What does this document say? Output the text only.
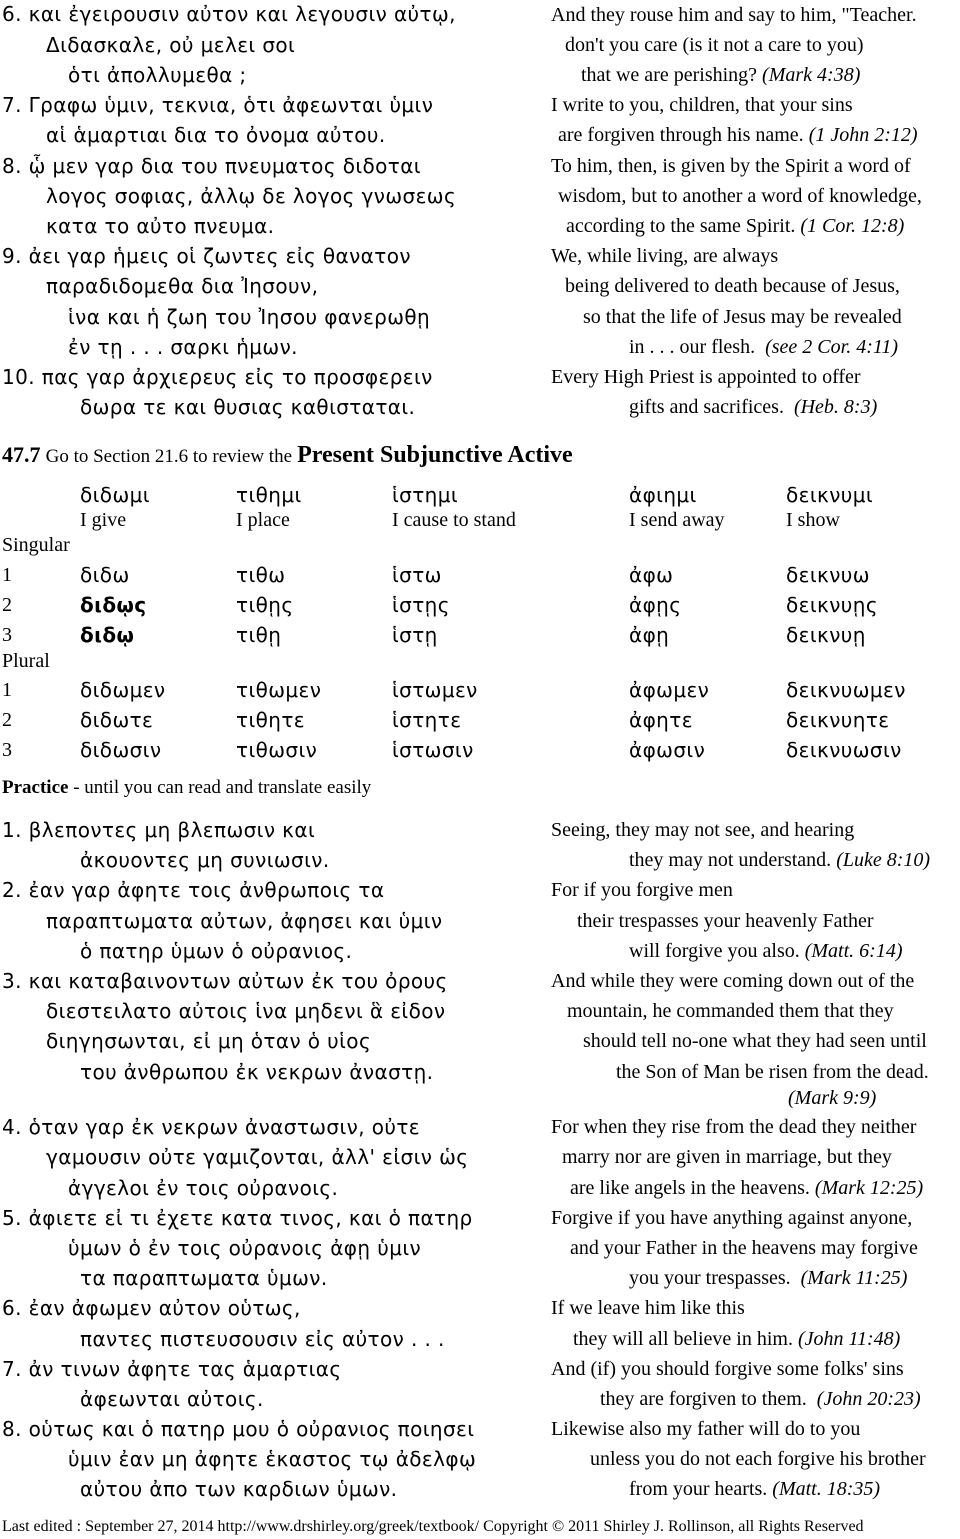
6. και ἐγειρουσιν αὐτον και λεγουσιν αὐτῳ,
Διδασκαλε, οὐ μελει σοι
ὁτι ἀπολλυμεθα ;
And they rouse him and say to him, "Teacher.
don't you care (is it not a care to you)
that we are perishing? (Mark 4:38)
7. Γραφω ὑμιν, τεκνια, ὁτι ἀφεωνται ὑμιν
αἱ ἁμαρτιαι δια το ὀνομα αὐτου.
I write to you, children, that your sins
are forgiven through his name. (1 John 2:12)
8. ᾧ μεν γαρ δια του πνευματος διδοται
λογος σοφιας, ἀλλῳ δε λογος γνωσεως
κατα το αὐτο πνευμα.
To him, then, is given by the Spirit a word of
wisdom, but to another a word of knowledge,
according to the same Spirit. (1 Cor. 12:8)
9. ἀει γαρ ἡμεις οἱ ζωντες εἰς θανατον
παραδιδομεθα δια Ἰησουν,
ἱνα και ἡ ζωη του Ἰησου φανερωθῃ
ἐν τῃ . . . σαρκι ἡμων.
We, while living, are always
being delivered to death because of Jesus,
so that the life of Jesus may be revealed
in . . . our flesh. (see 2 Cor. 4:11)
10. πας γαρ ἀρχιερευς εἰς το προσφερειν
δωρα τε και θυσιας καθισταται.
Every High Priest is appointed to offer
gifts and sacrifices. (Heb. 8:3)
47.7 Go to Section 21.6 to review the Present Subjunctive Active
διδωμι	τιθημι	ἱστημι	ἀφιημι	δεικνυμι
I give	I place	I cause to stand	I send away	I show
Singular
1	διδω	τιθω	ἱστω	ἀφω	δεικνυω
2	διδῳς	τιθῃς	ἱστῃς	ἀφῃς	δεικνυῃς
3	διδῳ	τιθῃ	ἱστῃ	ἀφῃ	δεικνυῃ
Plural
1	διδωμεν	τιθωμεν	ἱστωμεν	ἀφωμεν	δεικνυωμεν
2	διδωτε	τιθητε	ἱστητε	ἀφητε	δεικνυητε
3	διδωσιν	τιθωσιν	ἱστωσιν	ἀφωσιν	δεικνυωσιν
Practice - until you can read and translate easily
1. βλεποντες μη βλεπωσιν και
ἀκουοντες μη συνιωσιν.
Seeing, they may not see, and hearing
they may not understand. (Luke 8:10)
2. ἐαν γαρ ἀφητε τοις ἀνθρωποις τα
παραπτωματα αὐτων, ἀφησει και ὑμιν
ὁ πατηρ ὑμων ὁ οὐρανιος.
For if you forgive men
their trespasses your heavenly Father
will forgive you also. (Matt. 6:14)
3. και καταβαινοντων αὐτων ἐκ του ὀρους
διεστειλατο αὐτοις ἱνα μηδενι ἃ εἰδον
διηγησωνται, εἰ μη ὁταν ὁ υἱος
του ἀνθρωπου ἐκ νεκρων ἀναστῃ.
And while they were coming down out of the
mountain, he commanded them that they
should tell no-one what they had seen until
the Son of Man be risen from the dead.
(Mark 9:9)
4. ὁταν γαρ ἐκ νεκρων ἀναστωσιν, οὐτε
γαμουσιν οὐτε γαμιζονται, ἀλλ' εἰσιν ὡς
ἀγγελοι ἐν τοις οὐρανοις.
For when they rise from the dead they neither
marry nor are given in marriage, but they
are like angels in the heavens. (Mark 12:25)
5. ἀφιετε εἰ τι ἐχετε κατα τινος, και ὁ πατηρ
ὑμων ὁ ἐν τοις οὐρανοις ἀφῃ ὑμιν
τα παραπτωματα ὑμων.
Forgive if you have anything against anyone,
and your Father in the heavens may forgive
you your trespasses. (Mark 11:25)
6. ἐαν ἀφωμεν αὐτον οὑτως,
παντες πιστευσουσιν εἰς αὐτον . . .
If we leave him like this
they will all believe in him. (John 11:48)
7. ἀν τινων ἀφητε τας ἁμαρτιας
ἀφεωνται αὐτοις.
And (if) you should forgive some folks' sins
they are forgiven to them. (John 20:23)
8. οὑτως και ὁ πατηρ μου ὁ οὐρανιος ποιησει
ὑμιν ἐαν μη ἀφητε ἑκαστος τῳ ἀδελφῳ
αὐτου ἀπο των καρδιων ὑμων.
Likewise also my father will do to you
unless you do not each forgive his brother
from your hearts. (Matt. 18:35)
Last edited : September 27, 2014 http://www.drshirley.org/greek/textbook/ Copyright © 2011 Shirley J. Rollinson, all Rights Reserved
